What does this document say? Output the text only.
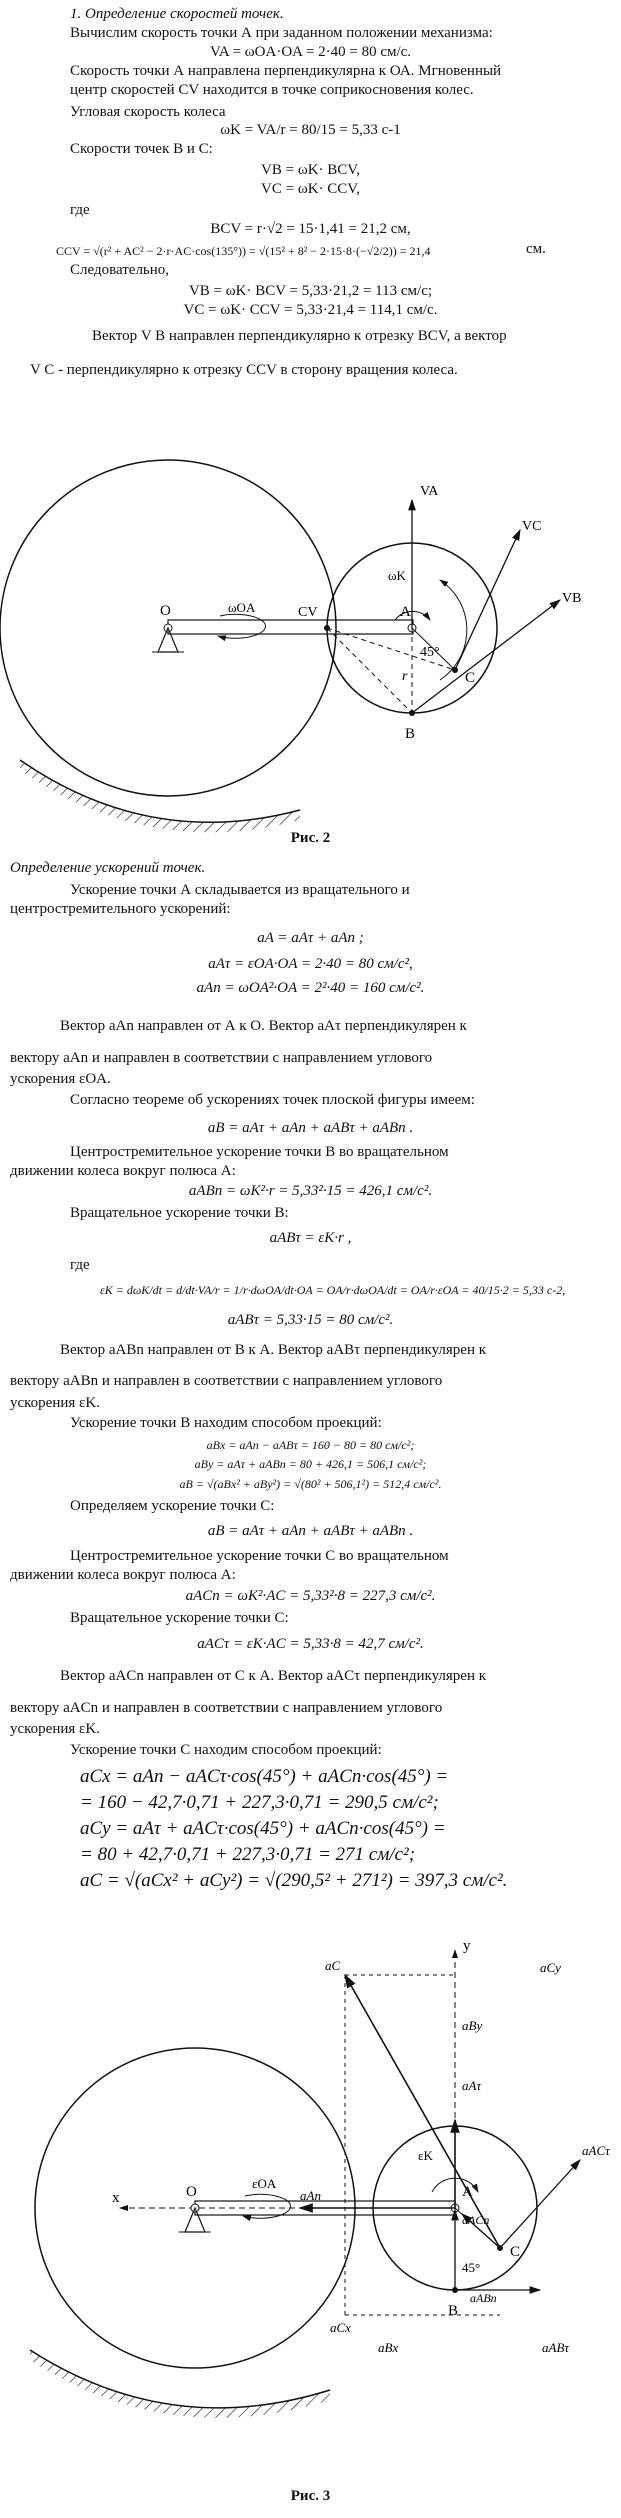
1. Определение скоростей точек.
Вычислим скорость точки А при заданном положении механизма:
VA = ωOA·OA = 2·40 = 80 см/с.
Скорость точки А направлена перпендикулярна к ОА. Мгновенный
центр скоростей CV находится в точке соприкосновения колес.
Угловая скорость колеса
ωK = VA/r = 80/15 = 5,33 с-1
Скорости точек В и С:
VB = ωK· BCV,
VC = ωK· CCV,
где
BCV = r·√2 = 15·1,41 = 21,2 см,
CCV = √(r² + AC² − 2·r·AC·cos(135°)) = √(15² + 8² − 2·15·8·(−√2/2)) = 21,4	см.
Следовательно,
VB = ωK· BCV = 5,33·21,2 = 113 см/с;
VC = ωK· CCV = 5,33·21,4 = 114,1 см/с.
Вектор V B направлен перпендикулярно к отрезку BCV, а вектор
V C - перпендикулярно к отрезку CCV в сторону вращения колеса.
O	ωOA	CV	A
ωK
45°
r	C
B
VA
VC
VB
Рис. 2
Определение ускорений точек.
Ускорение точки А складывается из вращательного и
центростремительного ускорений:
aA = aAτ + aAn ;
aAτ = εOA·OA = 2·40 = 80 см/с²,
aAn = ωOA²·OA = 2²·40 = 160 см/с².
Вектор aAn направлен от А к О. Вектор aAτ перпендикулярен к
вектору aAn и направлен в соответствии с направлением углового
ускорения εOA.
Согласно теореме об ускорениях точек плоской фигуры имеем:
aB = aAτ + aAn + aABτ + aABn .
Центростремительное ускорение точки В во вращательном
движении колеса вокруг полюса А:
aABn = ωK²·r = 5,33²·15 = 426,1 см/с².
Вращательное ускорение точки В:
aABτ = εK·r ,
где
εK = dωK/dt = d/dt·VA/r = 1/r·dωOA/dt·OA = OA/r·dωOA/dt = OA/r·εOA = 40/15·2 = 5,33 с-2,
aABτ = 5,33·15 = 80 см/с².
Вектор aABn направлен от В к А. Вектор aABτ перпендикулярен к
вектору aABn и направлен в соответствии с направлением углового
ускорения εK.
Ускорение точки В находим способом проекций:
aBx = aAn − aABτ = 160 − 80 = 80 см/с²;
aBy = aAτ + aABn = 80 + 426,1 = 506,1 см/с²;
aB = √(aBx² + aBy²) = √(80² + 506,1²) = 512,4 см/с².
Определяем ускорение точки С:
aB = aAτ + aAn + aABτ + aABn .
Центростремительное ускорение точки С во вращательном
движении колеса вокруг полюса А:
aACn = ωK²·AC = 5,33²·8 = 227,3 см/с².
Вращательное ускорение точки С:
aACτ = εK·AC = 5,33·8 = 42,7 см/с².
Вектор aACn направлен от С к А. Вектор aACτ перпендикулярен к
вектору aACn и направлен в соответствии с направлением углового
ускорения εK.
Ускорение точки С находим способом проекций:
aCx = aAn − aACτ·cos(45°) + aACn·cos(45°) =
= 160 − 42,7·0,71 + 227,3·0,71 = 290,5 см/с²;
aCy = aAτ + aACτ·cos(45°) + aACn·cos(45°) =
= 80 + 42,7·0,71 + 227,3·0,71 = 271 см/с²;
aC = √(aCx² + aCy²) = √(290,5² + 271²) = 397,3 см/с².
y
x	O
εOA
aAn
aC	aCy
aBy
aAτ
εK
A
aACn
aACτ
C
aCx
45°
aABn
aBx
B
aABτ
Рис. 3
